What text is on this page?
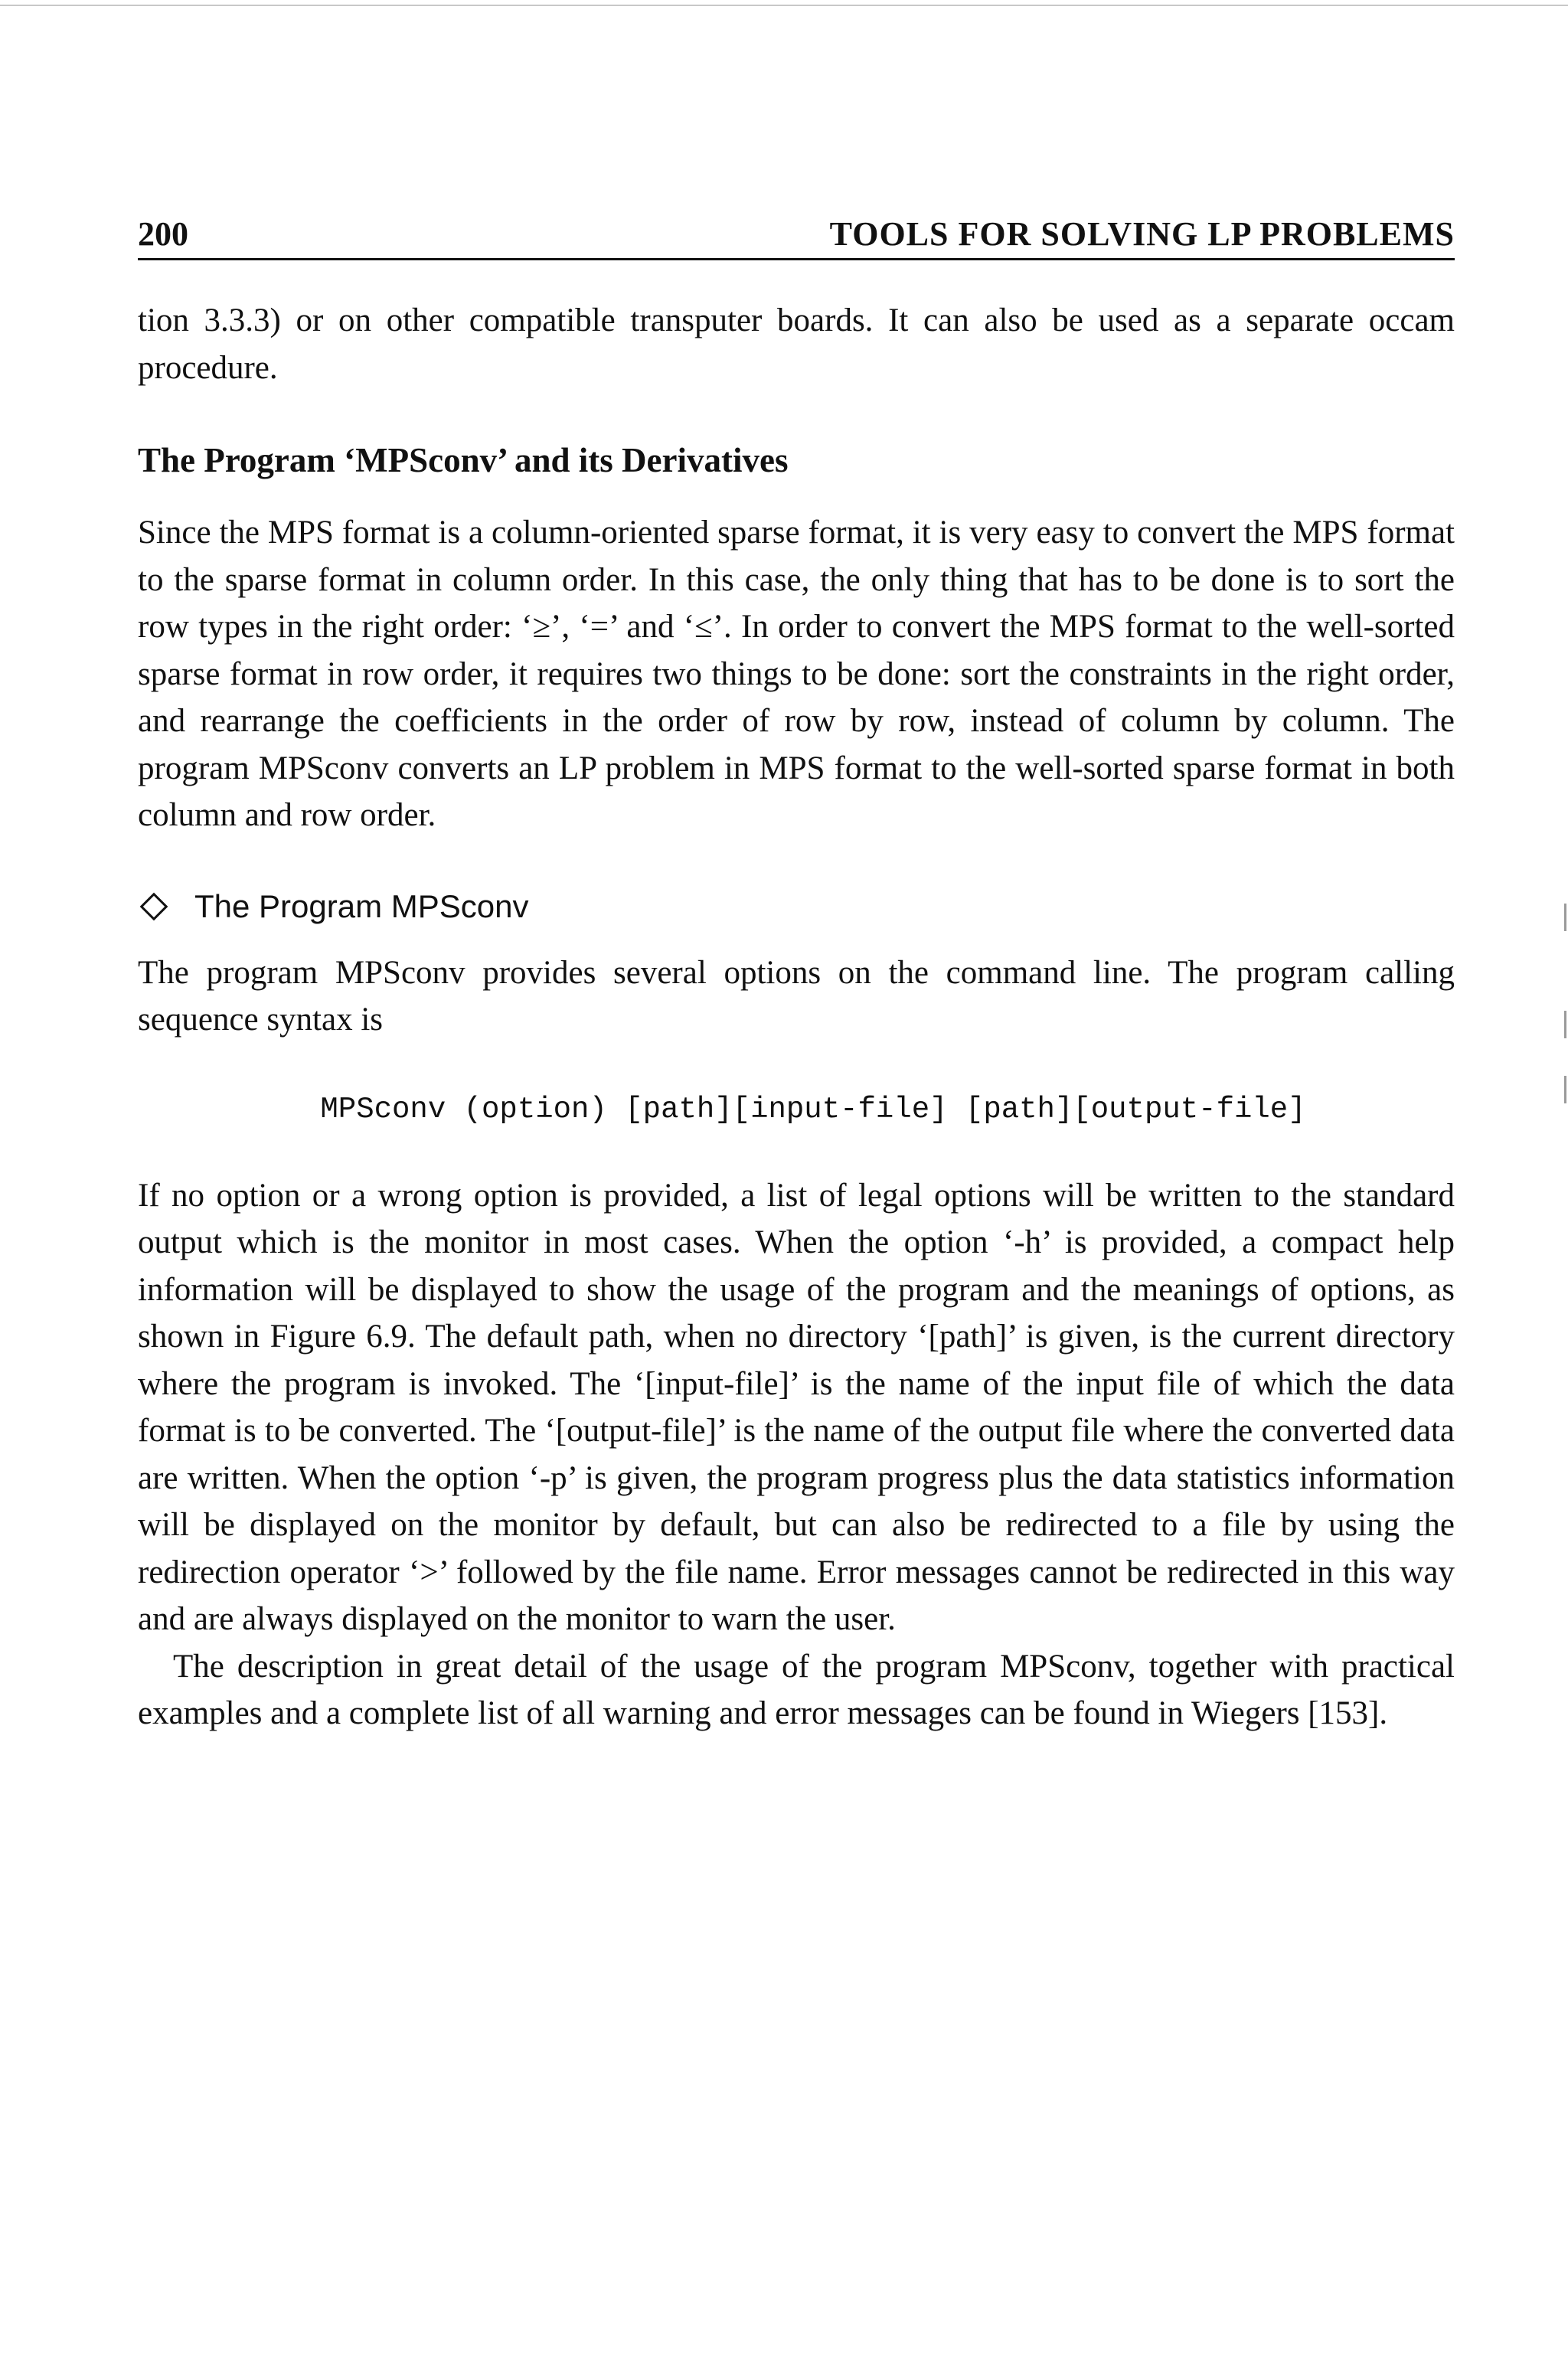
200	TOOLS FOR SOLVING LP PROBLEMS

tion 3.3.3) or on other compatible transputer boards. It can also be used as a separate occam procedure.

The Program ‘MPSconv’ and its Derivatives

Since the MPS format is a column-oriented sparse format, it is very easy to convert the MPS format to the sparse format in column order. In this case, the only thing that has to be done is to sort the row types in the right order: ‘≥’, ‘=’ and ‘≤’. In order to convert the MPS format to the well-sorted sparse format in row order, it requires two things to be done: sort the constraints in the right order, and rearrange the coefficients in the order of row by row, instead of column by column. The program MPSconv converts an LP problem in MPS format to the well-sorted sparse format in both column and row order.

The Program MPSconv

The program MPSconv provides several options on the command line. The program calling sequence syntax is

MPSconv (option) [path][input-file] [path][output-file]

If no option or a wrong option is provided, a list of legal options will be written to the standard output which is the monitor in most cases. When the option ‘-h’ is provided, a compact help information will be displayed to show the usage of the program and the meanings of options, as shown in Figure 6.9. The default path, when no directory ‘[path]’ is given, is the current directory where the program is invoked. The ‘[input-file]’ is the name of the input file of which the data format is to be converted. The ‘[output-file]’ is the name of the output file where the converted data are written. When the option ‘-p’ is given, the program progress plus the data statistics information will be displayed on the monitor by default, but can also be redirected to a file by using the redirection operator ‘>’ followed by the file name. Error messages cannot be redirected in this way and are always displayed on the monitor to warn the user.

The description in great detail of the usage of the program MPSconv, together with practical examples and a complete list of all warning and error messages can be found in Wiegers [153].
